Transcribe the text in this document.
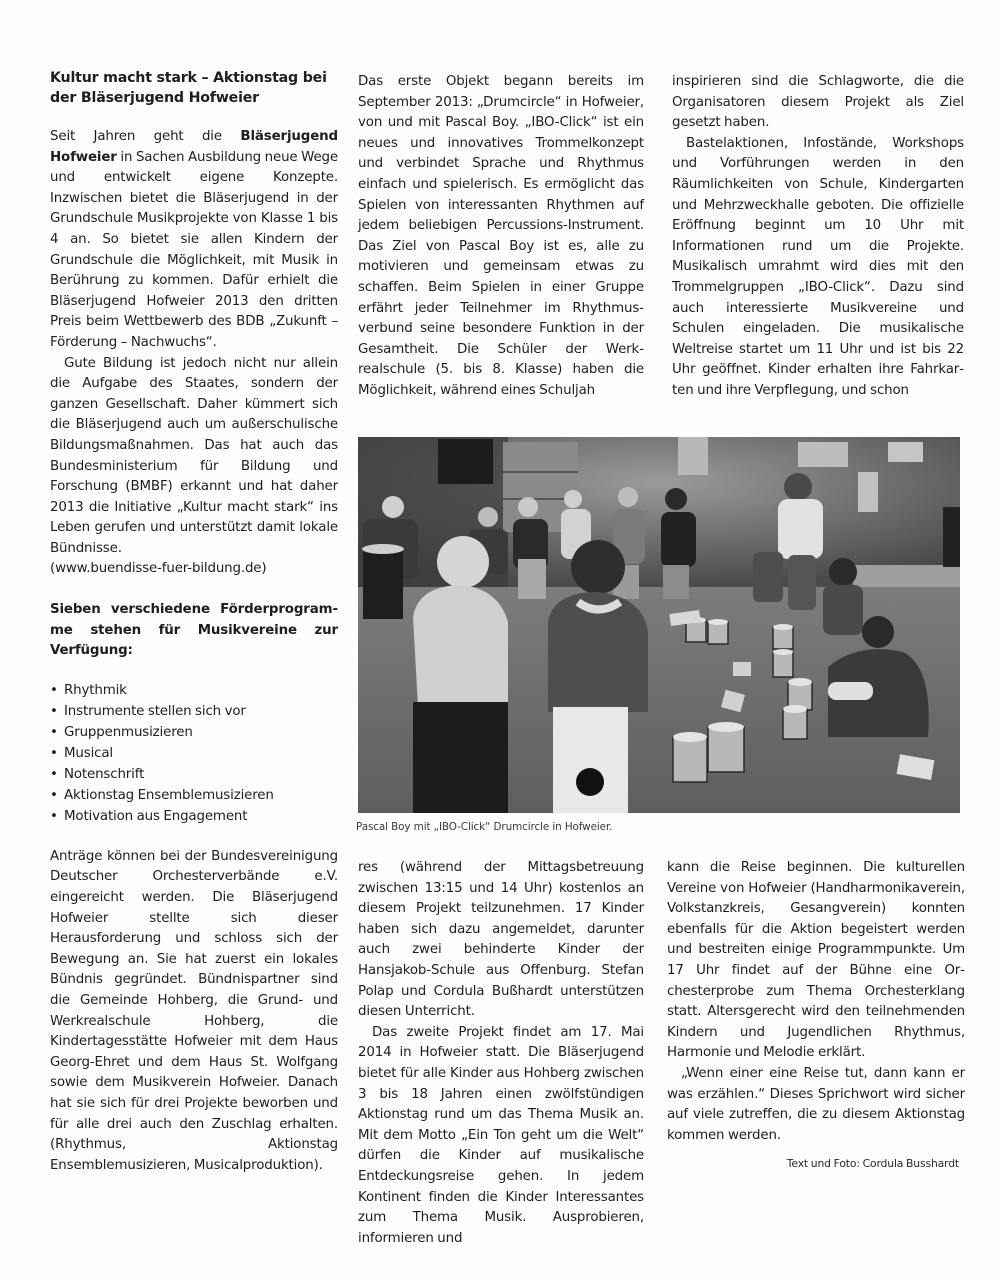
Kultur macht stark – Aktionstag bei der Bläserjugend Hofweier

Seit Jahren geht die Bläserjugend Hofweier in Sachen Ausbildung neue Wege und entwickelt eigene Konzepte. Inzwischen bietet die Bläserjugend in der Grundschule Musikprojekte von Klasse 1 bis 4 an. So bietet sie allen Kindern der Grundschule die Möglichkeit, mit Musik in Berührung zu kommen. Dafür erhielt die Bläserjugend Hofweier 2013 den dritten Preis beim Wettbewerb des BDB „Zukunft – Förderung – Nachwuchs“.

Gute Bildung ist jedoch nicht nur allein die Aufgabe des Staates, sondern der ganzen Gesellschaft. Daher kümmert sich die Bläserjugend auch um außerschulische Bildungsmaßnahmen. Das hat auch das Bundesministerium für Bildung und Forschung (BMBF) erkannt und hat daher 2013 die Initiative „Kultur macht stark“ ins Leben gerufen und unterstützt damit lokale Bündnisse.

(www.buendisse-fuer-bildung.de)

Sieben verschiedene Förderprogramme stehen für Musikvereine zur Verfügung:

• Rhythmik
• Instrumente stellen sich vor
• Gruppenmusizieren
• Musical
• Notenschrift
• Aktionstag Ensemblemusizieren
• Motivation aus Engagement

Anträge können bei der Bundesvereinigung Deutscher Orchesterverbände e.V. eingereicht werden. Die Bläserjugend Hofweier stellte sich dieser Herausforderung und schloss sich der Bewegung an. Sie hat zuerst ein lokales Bündnis gegründet. Bündnispartner sind die Gemeinde Hohberg, die Grund- und Werkrealschule Hohberg, die Kindertagesstätte Hofweier mit dem Haus Georg-Ehret und dem Haus St. Wolfgang sowie dem Musikverein Hofweier. Danach hat sie sich für drei Projekte beworben und für alle drei auch den Zuschlag erhalten. (Rhythmus, Aktionstag Ensemblemusizieren, Musicalproduktion).

Das erste Objekt begann bereits im September 2013: „Drumcircle“ in Hofweier, von und mit Pascal Boy. „IBO-Click“ ist ein neues und innovatives Trommelkonzept und verbindet Sprache und Rhythmus einfach und spielerisch. Es ermöglicht das Spielen von interessanten Rhythmen auf jedem beliebigen Percussions-Instrument. Das Ziel von Pascal Boy ist es, alle zu motivieren und gemeinsam etwas zu schaffen. Beim Spielen in einer Gruppe erfährt jeder Teilnehmer im Rhythmusverbund seine besondere Funktion in der Gesamtheit. Die Schüler der Werkrealschule (5. bis 8. Klasse) haben die Möglichkeit, während eines Schuljah

inspirieren sind die Schlagworte, die die Organisatoren diesem Projekt als Ziel gesetzt haben.

Bastelaktionen, Infostände, Workshops und Vorführungen werden in den Räumlichkeiten von Schule, Kindergarten und Mehrzweckhalle geboten. Die offizielle Eröffnung beginnt um 10 Uhr mit Informationen rund um die Projekte. Musikalisch umrahmt wird dies mit den Trommelgruppen „IBO-Click“. Dazu sind auch interessierte Musikvereine und Schulen eingeladen. Die musikalische Weltreise startet um 11 Uhr und ist bis 22 Uhr geöffnet. Kinder erhalten ihre Fahrkarten und ihre Verpflegung, und schon

Pascal Boy mit „IBO-Click“ Drumcircle in Hofweier.

res (während der Mittagsbetreuung zwischen 13:15 und 14 Uhr) kostenlos an diesem Projekt teilzunehmen. 17 Kinder haben sich dazu angemeldet, darunter auch zwei behinderte Kinder der Hansjakob-Schule aus Offenburg. Stefan Polap und Cordula Bußhardt unterstützen diesen Unterricht.

Das zweite Projekt findet am 17. Mai 2014 in Hofweier statt. Die Bläserjugend bietet für alle Kinder aus Hohberg zwischen 3 bis 18 Jahren einen zwölfstündigen Aktionstag rund um das Thema Musik an. Mit dem Motto „Ein Ton geht um die Welt“ dürfen die Kinder auf musikalische Entdeckungsreise gehen. In jedem Kontinent finden die Kinder Interessantes zum Thema Musik. Ausprobieren, informieren und

kann die Reise beginnen. Die kulturellen Vereine von Hofweier (Handharmonikaverein, Volkstanzkreis, Gesangverein) konnten ebenfalls für die Aktion begeistert werden und bestreiten einige Programmpunkte. Um 17 Uhr findet auf der Bühne eine Orchesterprobe zum Thema Orchesterklang statt. Altersgerecht wird den teilnehmenden Kindern und Jugendlichen Rhythmus, Harmonie und Melodie erklärt.

„Wenn einer eine Reise tut, dann kann er was erzählen.“ Dieses Sprichwort wird sicher auf viele zutreffen, die zu diesem Aktionstag kommen werden.

Text und Foto: Cordula Busshardt
